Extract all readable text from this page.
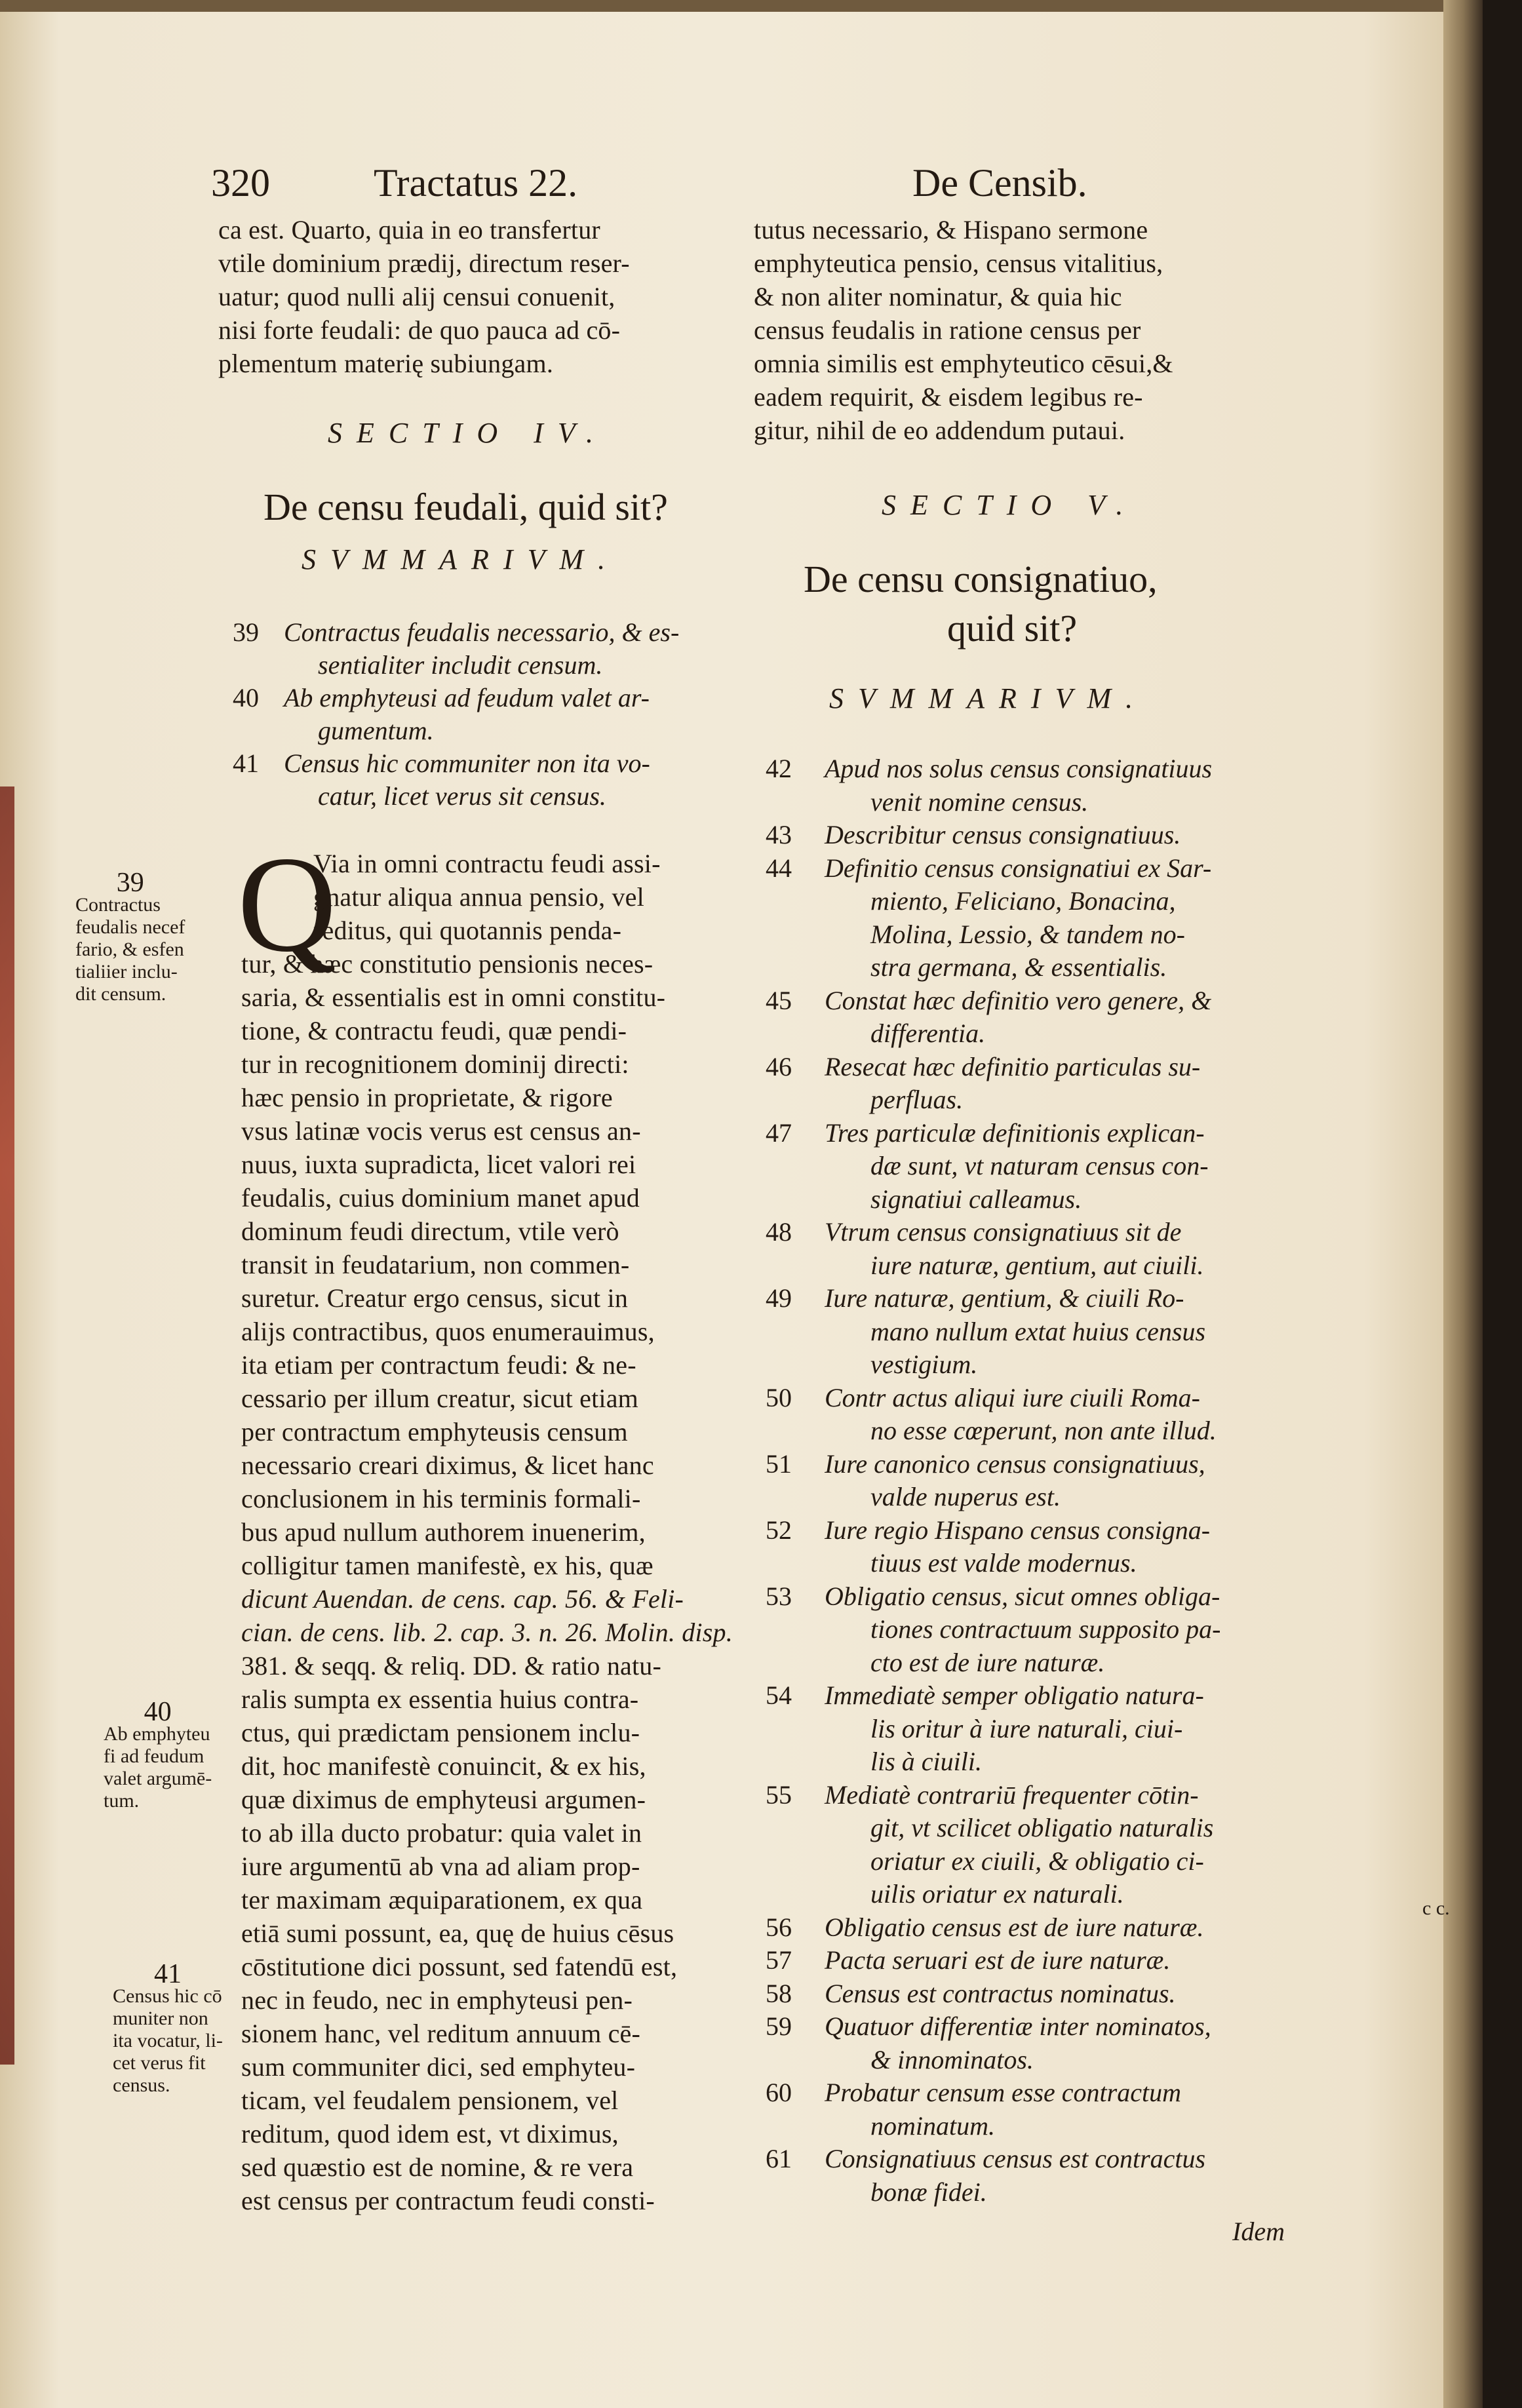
320	Tractatus 22.	De Censib.
ca est. Quarto, quia in eo transfertur
vtile dominium prædij, directum reser-
uatur; quod nulli alij censui conuenit,
nisi forte feudali: de quo pauca ad cō-
plementum materię subiungam.
tutus necessario, & Hispano sermone
emphyteutica pensio, census vitalitius,
& non aliter nominatur, & quia hic
census feudalis in ratione census per
omnia similis est emphyteutico cēsui,&
eadem requirit, & eisdem legibus re-
gitur, nihil de eo addendum putaui.
SECTIO IV.
De censu feudali, quid sit?
SVMMARIVM.
39 Contractus feudalis necessario, & es-
sentialiter includit censum.
40 Ab emphyteusi ad feudum valet ar-
gumentum.
41 Census hic communiter non ita vo-
catur, licet verus sit census.
Q
Via in omni contractu feudi assi-
gnatur aliqua annua pensio, vel
reditus, qui quotannis penda-
tur, & hæc constitutio pensionis neces-
saria, & essentialis est in omni constitu-
tione, & contractu feudi, quæ pendi-
tur in recognitionem dominij directi:
hæc pensio in proprietate, & rigore
vsus latinæ vocis verus est census an-
nuus, iuxta supradicta, licet valori rei
feudalis, cuius dominium manet apud
dominum feudi directum, vtile verò
transit in feudatarium, non commen-
suretur. Creatur ergo census, sicut in
alijs contractibus, quos enumerauimus,
ita etiam per contractum feudi: & ne-
cessario per illum creatur, sicut etiam
per contractum emphyteusis censum
necessario creari diximus, & licet hanc
conclusionem in his terminis formali-
bus apud nullum authorem inuenerim,
colligitur tamen manifestè, ex his, quæ
dicunt Auendan. de cens. cap. 56. & Feli-
cian. de cens. lib. 2. cap. 3. n. 26. Molin. disp.
381. & seqq. & reliq. DD. & ratio natu-
ralis sumpta ex essentia huius contra-
ctus, qui prædictam pensionem inclu-
dit, hoc manifestè conuincit, & ex his,
quæ diximus de emphyteusi argumen-
to ab illa ducto probatur: quia valet in
iure argumentū ab vna ad aliam prop-
ter maximam æquiparationem, ex qua
etiā sumi possunt, ea, quę de huius cēsus
cōstitutione dici possunt, sed fatendū est,
nec in feudo, nec in emphyteusi pen-
sionem hanc, vel reditum annuum cē-
sum communiter dici, sed emphyteu-
ticam, vel feudalem pensionem, vel
reditum, quod idem est, vt diximus,
sed quæstio est de nomine, & re vera
est census per contractum feudi consti-
39
Contractus
feudalis necef
fario, & esfen
tialiier inclu-
dit censum.
40
Ab emphyteu
fi ad feudum
valet argumē-
tum.
41
Census hic cō
muniter non
ita vocatur, li-
cet verus fit
census.
SECTIO V.
De censu consignatiuo,
quid sit?
SVMMARIVM.
42 Apud nos solus census consignatiuus
venit nomine census.
43 Describitur census consignatiuus.
44 Definitio census consignatiui ex Sar-
miento, Feliciano, Bonacina,
Molina, Lessio, & tandem no-
stra germana, & essentialis.
45 Constat hæc definitio vero genere, &
differentia.
46 Resecat hæc definitio particulas su-
perfluas.
47 Tres particulæ definitionis explican-
dæ sunt, vt naturam census con-
signatiui calleamus.
48 Vtrum census consignatiuus sit de
iure naturæ, gentium, aut ciuili.
49 Iure naturæ, gentium, & ciuili Ro-
mano nullum extat huius census
vestigium.
50 Contr actus aliqui iure ciuili Roma-
no esse cœperunt, non ante illud.
51 Iure canonico census consignatiuus,
valde nuperus est.
52 Iure regio Hispano census consigna-
tiuus est valde modernus.
53 Obligatio census, sicut omnes obliga-
tiones contractuum supposito pa-
cto est de iure naturæ.
54 Immediatè semper obligatio natura-
lis oritur à iure naturali, ciui-
lis à ciuili.
55 Mediatè contrariū frequenter cōtin-
git, vt scilicet obligatio naturalis
oriatur ex ciuili, & obligatio ci-
uilis oriatur ex naturali.
56 Obligatio census est de iure naturæ.
57 Pacta seruari est de iure naturæ.
58 Census est contractus nominatus.
59 Quatuor differentiæ inter nominatos,
& innominatos.
60 Probatur censum esse contractum
nominatum.
61 Consignatiuus census est contractus
bonæ fidei.
Idem
c c.
